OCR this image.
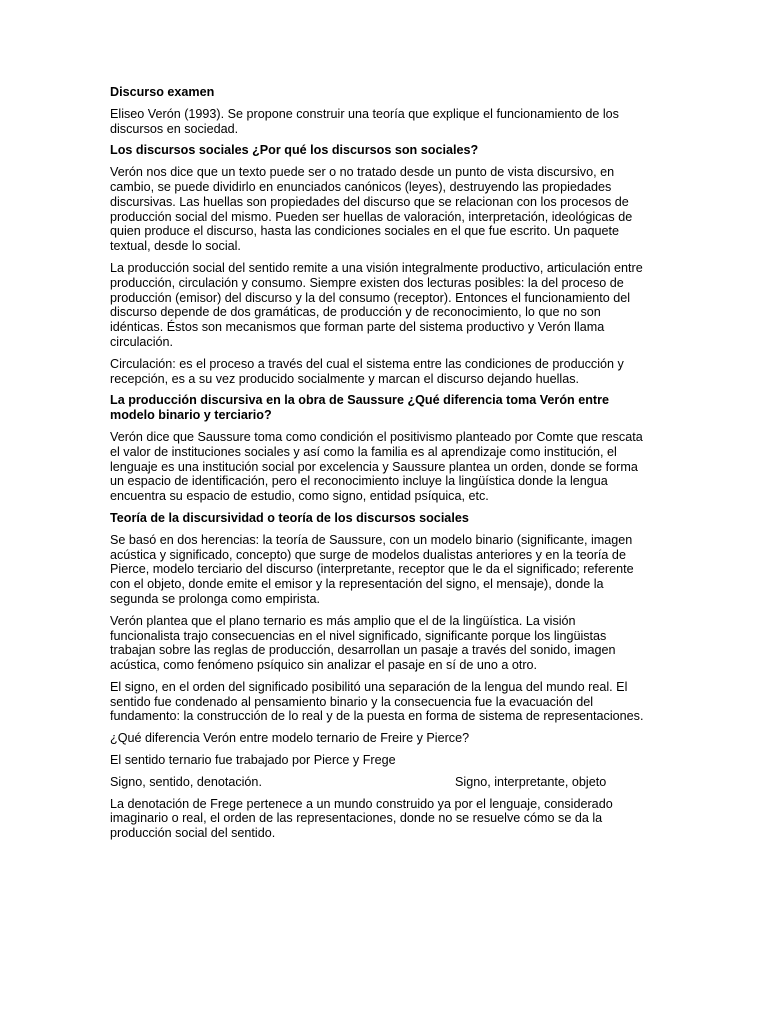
Discurso examen

Eliseo Verón (1993). Se propone construir una teoría que explique el funcionamiento de los

discursos en sociedad.

Los discursos sociales ¿Por qué los discursos son sociales?

Verón nos dice que un texto puede ser o no tratado desde un punto de vista discursivo, en

cambio, se puede dividirlo en enunciados canónicos (leyes), destruyendo las propiedades

discursivas. Las huellas son propiedades del discurso que se relacionan con los procesos de

producción social del mismo. Pueden ser huellas de valoración, interpretación, ideológicas de

quien produce el discurso, hasta las condiciones sociales en el que fue escrito. Un paquete

textual, desde lo social.

La producción social del sentido remite a una visión integralmente productivo, articulación entre

producción, circulación y consumo. Siempre existen dos lecturas posibles: la del proceso de

producción (emisor) del discurso y la del consumo (receptor). Entonces el funcionamiento del

discurso depende de dos gramáticas, de producción y de reconocimiento, lo que no son

idénticas. Éstos son mecanismos que forman parte del sistema productivo y Verón llama

circulación.

Circulación: es el proceso a través del cual el sistema entre las condiciones de producción y

recepción, es a su vez producido socialmente y marcan el discurso dejando huellas.

La producción discursiva en la obra de Saussure ¿Qué diferencia toma Verón entre

modelo binario y terciario?

Verón dice que Saussure toma como condición el positivismo planteado por Comte que rescata

el valor de instituciones sociales y así como la familia es al aprendizaje como institución, el

lenguaje es una institución social por excelencia y Saussure plantea un orden, donde se forma

un espacio de identificación, pero el reconocimiento incluye la lingüística donde la lengua

encuentra su espacio de estudio, como signo, entidad psíquica, etc.

Teoría de la discursividad o teoría de los discursos sociales

Se basó en dos herencias: la teoría de Saussure, con un modelo binario (significante, imagen

acústica y significado, concepto) que surge de modelos dualistas anteriores y en la teoría de

Pierce, modelo terciario del discurso (interpretante, receptor que le da el significado; referente

con el objeto, donde emite el emisor y la representación del signo, el mensaje), donde la

segunda se prolonga como empirista.

Verón plantea que el plano ternario es más amplio que el de la lingüística. La visión

funcionalista trajo consecuencias en el nivel significado, significante porque los lingüistas

trabajan sobre las reglas de producción, desarrollan un pasaje a través del sonido, imagen

acústica, como fenómeno psíquico sin analizar el pasaje en sí de uno a otro.

El signo, en el orden del significado posibilitó una separación de la lengua del mundo real. El

sentido fue condenado al pensamiento binario y la consecuencia fue la evacuación del

fundamento: la construcción de lo real y de la puesta en forma de sistema de representaciones.

¿Qué diferencia Verón entre modelo ternario de Freire y Pierce?

El sentido ternario fue trabajado por Pierce y Frege

Signo, sentido, denotación.	Signo, interpretante, objeto

La denotación de Frege pertenece a un mundo construido ya por el lenguaje, considerado

imaginario o real, el orden de las representaciones, donde no se resuelve cómo se da la

producción social del sentido.
